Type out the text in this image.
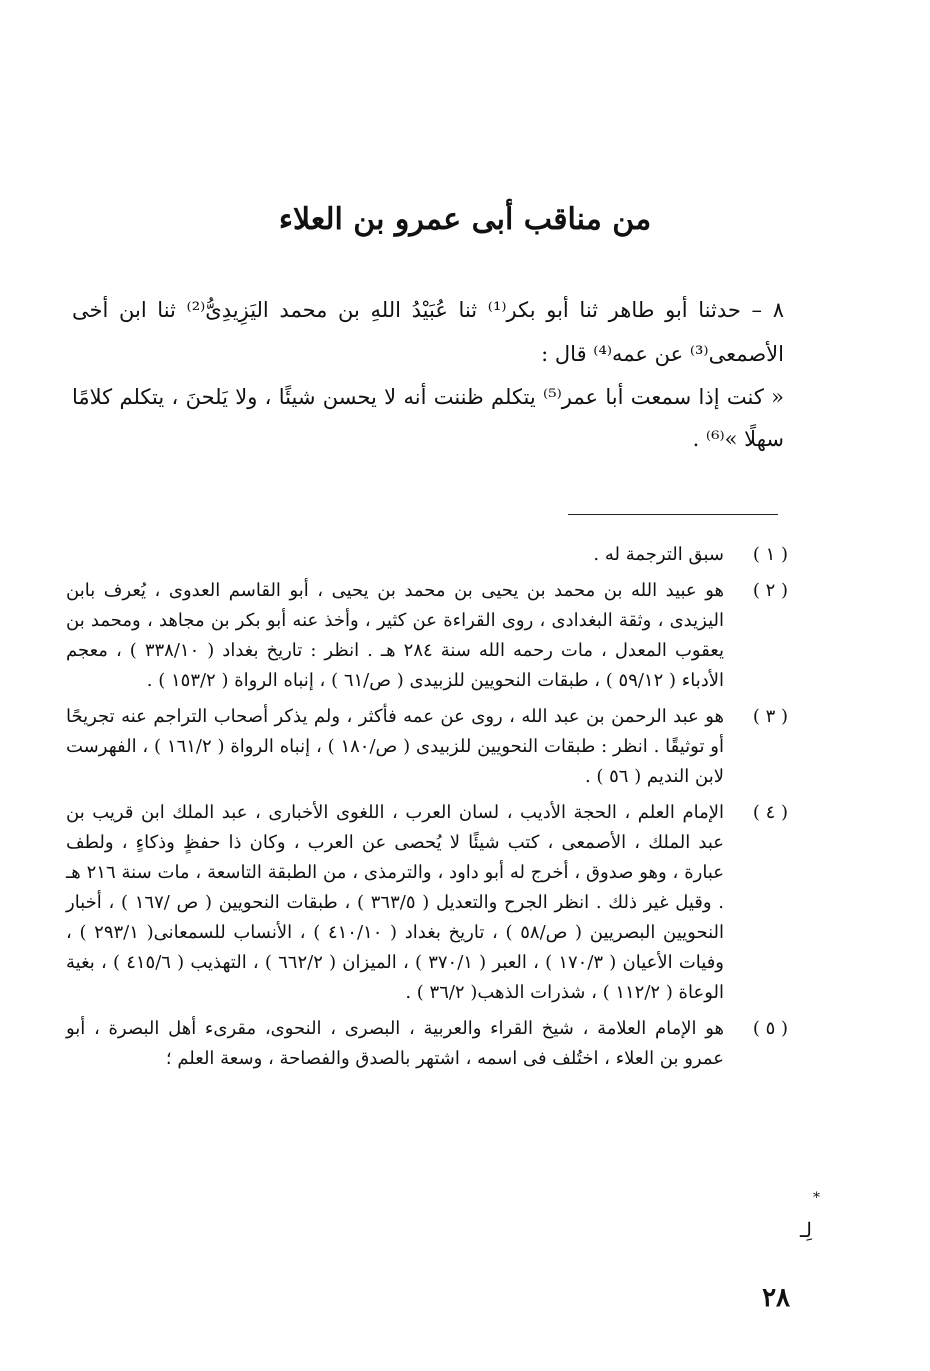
من مناقب أبى عمرو بن العلاء
٨ – حدثنا أبو طاهر ثنا أبو بكر⁽¹⁾ ثنا عُبَيْدُ اللهِ بن محمد اليَزِيدِىُّ⁽²⁾ ثنا ابن أخى الأصمعى⁽³⁾ عن عمه⁽⁴⁾ قال :
« كنت إذا سمعت أبا عمر⁽⁵⁾ يتكلم ظننت أنه لا يحسن شيئًا ، ولا يَلحنَ ، يتكلم كلامًا سهلًا »⁽⁶⁾ .
( ١ )
سبق الترجمة له .
( ٢ )
هو عبيد الله بن محمد بن يحيى بن محمد بن يحيى ، أبو القاسم العدوى ، يُعرف بابن اليزيدى ، وثقة البغدادى ، روى القراءة عن كثير ، وأخذ عنه أبو بكر بن مجاهد ، ومحمد بن يعقوب المعدل ، مات رحمه الله سنة ٢٨٤ هـ . انظر : تاريخ بغداد ( ٣٣٨/١٠ ) ، معجم الأدباء ( ٥٩/١٢ ) ، طبقات النحويين للزبيدى ( ص/٦١ ) ، إنباه الرواة ( ١٥٣/٢ ) .
( ٣ )
هو عبد الرحمن بن عبد الله ، روى عن عمه فأكثر ، ولم يذكر أصحاب التراجم عنه تجريحًا أو توثيقًا . انظر : طبقات النحويين للزبيدى ( ص/١٨٠ ) ، إنباه الرواة ( ١٦١/٢ ) ، الفهرست لابن النديم ( ٥٦ ) .
( ٤ )
الإمام العلم ، الحجة الأديب ، لسان العرب ، اللغوى الأخبارى ، عبد الملك ابن قريب بن عبد الملك ، الأصمعى ، كتب شيئًا لا يُحصى عن العرب ، وكان ذا حفظٍ وذكاءٍ ، ولطف عبارة ، وهو صدوق ، أخرج له أبو داود ، والترمذى ، من الطبقة التاسعة ، مات سنة ٢١٦ هـ . وقيل غير ذلك . انظر الجرح والتعديل ( ٣٦٣/٥ ) ، طبقات النحويين ( ص /١٦٧ ) ، أخبار النحويين البصريين ( ص/٥٨ ) ، تاريخ بغداد ( ٤١٠/١٠ ) ، الأنساب للسمعانى( ٢٩٣/١ ) ، وفيات الأعيان ( ١٧٠/٣ ) ، العبر ( ٣٧٠/١ ) ، الميزان ( ٦٦٢/٢ ) ، التهذيب ( ٤١٥/٦ ) ، بغية الوعاة ( ١١٢/٢ ) ، شذرات الذهب( ٣٦/٢ ) .
( ٥ )
هو الإمام العلامة ، شيخ القراء والعربية ، البصرى ، النحوى، مقرىء أهل البصرة ، أبو عمرو بن العلاء ، اختُلف فى اسمه ، اشتهر بالصدق والفصاحة ، وسعة العلم ؛
*
لِـ
٢٨
